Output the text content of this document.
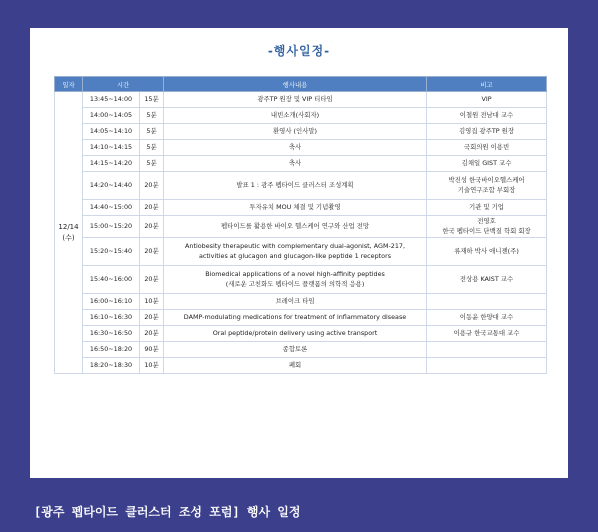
-행사일정-
일자	시간		행사내용	비고

12/14
(수)	13:45~14:00	15분	광주TP 원장 및 VIP 티타임	VIP

	14:00~14:05	5분	내빈소개(사회자)	이철원 전남대 교수

	14:05~14:10	5분	환영사 (인사말)	김영집 광주TP 원장

	14:10~14:15	5분	축사	국회의원 이용빈

	14:15~14:20	5분	축사	김채일 GIST 교수

	14:20~14:40	20분	발표 1 : 광주 펩타이드 클러스터 조성계획	박진성 한국바이오헬스케어
기술연구조합 부회장

	14:40~15:00	20분	투자유치 MOU 체결 및 기념촬영	기관 및 기업

	15:00~15:20	20분	펩타이드를 활용한 바이오 헬스케어 연구와 산업 전망	전영호
한국 펩타이드 단백질 학회 회장

	15:20~15:40	20분	Antiobesity therapeutic with complementary dual-agonist, AGM-217,
activities at glucagon and glucagon-like peptide 1 receptors	류재하 박사 애니젠(주)

	15:40~16:00	20분	Biomedical applications of a novel high-affinity peptides
(새로운 고친화도 펩타이드 플랫폼의 의학적 응용)	전상용 KAIST 교수

	16:00~16:10	10분	브레이크 타임	

	16:10~16:30	20분	DAMP-modulating medications for treatment of inflammatory disease	이동윤 한양대 교수

	16:30~16:50	20분	Oral peptide/protein delivery using active transport	이용규 한국교통대 교수

	16:50~18:20	90분	종합토론	

	18:20~18:30	10분	폐회	

[광주 펩타이드 클러스터 조성 포럼] 행사 일정
